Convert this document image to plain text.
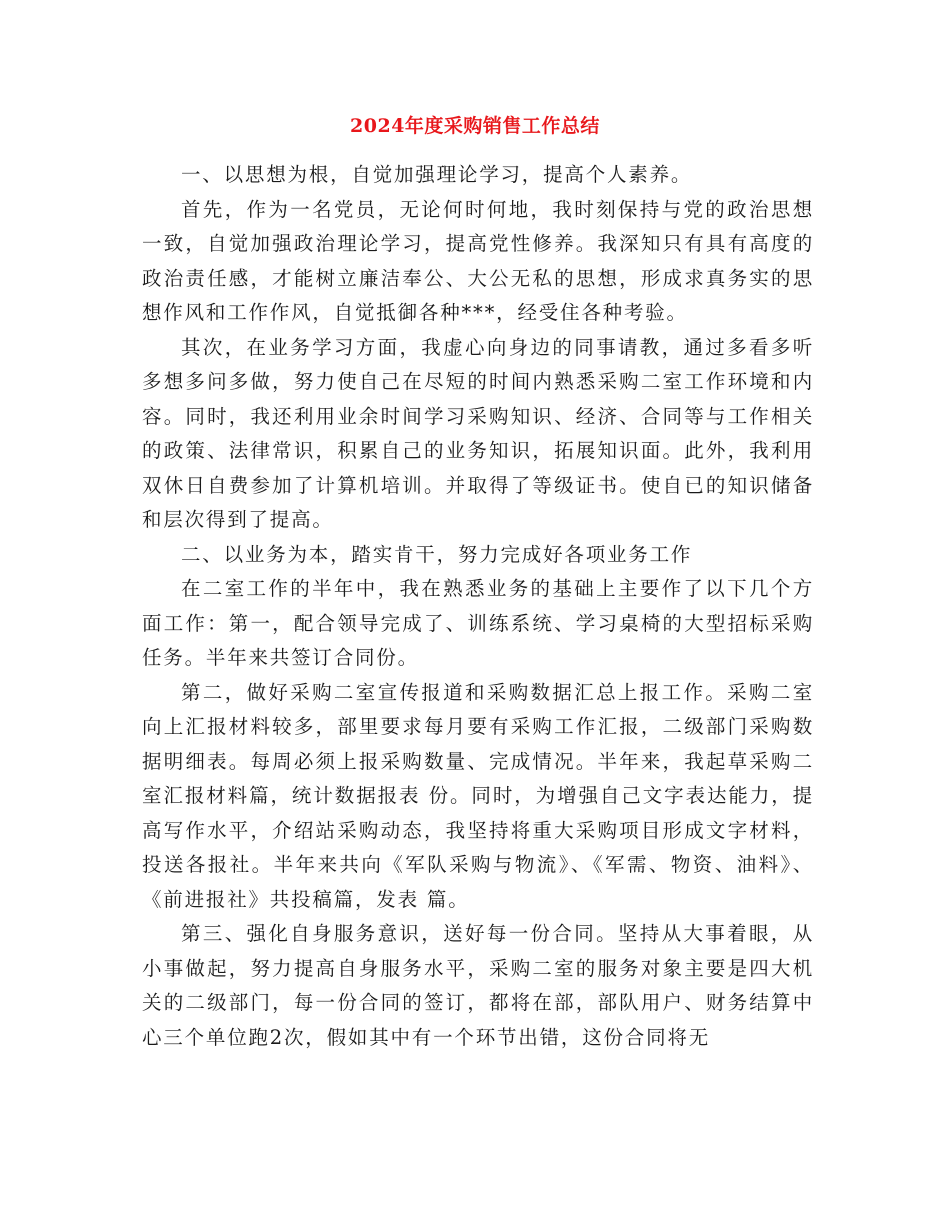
2024年度采购销售工作总结

一、以思想为根，自觉加强理论学习，提高个人素养。

首先，作为一名党员，无论何时何地，我时刻保持与党的政治思想一致，自觉加强政治理论学习，提高党性修养。我深知只有具有高度的政治责任感，才能树立廉洁奉公、大公无私的思想，形成求真务实的思想作风和工作作风，自觉抵御各种***，经受住各种考验。

其次，在业务学习方面，我虚心向身边的同事请教，通过多看多听多想多问多做，努力使自己在尽短的时间内熟悉采购二室工作环境和内容。同时，我还利用业余时间学习采购知识、经济、合同等与工作相关的政策、法律常识，积累自己的业务知识，拓展知识面。此外，我利用双休日自费参加了计算机培训。并取得了等级证书。使自已的知识储备和层次得到了提高。

二、以业务为本，踏实肯干，努力完成好各项业务工作

在二室工作的半年中，我在熟悉业务的基础上主要作了以下几个方面工作：第一，配合领导完成了、训练系统、学习桌椅的大型招标采购任务。半年来共签订合同份。

第二，做好采购二室宣传报道和采购数据汇总上报工作。采购二室向上汇报材料较多，部里要求每月要有采购工作汇报，二级部门采购数据明细表。每周必须上报采购数量、完成情况。半年来，我起草采购二室汇报材料篇，统计数据报表 份。同时，为增强自己文字表达能力，提高写作水平，介绍站采购动态，我坚持将重大采购项目形成文字材料，投送各报社。半年来共向《军队采购与物流》、《军需、物资、油料》、《前进报社》共投稿篇，发表 篇。

第三、强化自身服务意识，送好每一份合同。坚持从大事着眼，从小事做起，努力提高自身服务水平，采购二室的服务对象主要是四大机关的二级部门，每一份合同的签订，都将在部，部队用户、财务结算中心三个单位跑2次，假如其中有一个环节出错，这份合同将无
